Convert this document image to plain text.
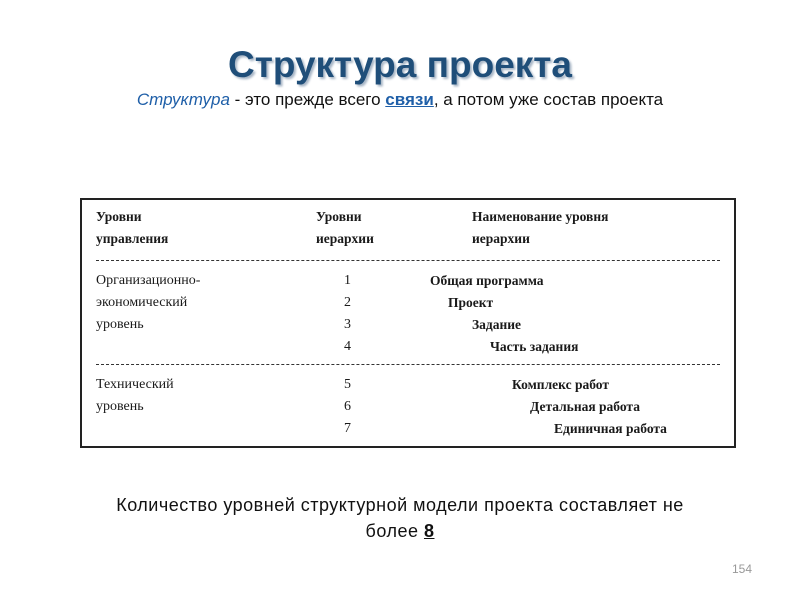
Структура проекта
Структура - это прежде всего связи, а потом уже состав проекта
Уровни
управления
Уровни
иерархии
Наименование уровня
иерархии
Организационно-
экономический
уровень
1
2
3
4
Общая программа
Проект
Задание
Часть задания
Технический
уровень
5
6
7
Комплекс работ
Детальная работа
Единичная работа
Количество уровней структурной модели проекта составляет не
более 8
154
